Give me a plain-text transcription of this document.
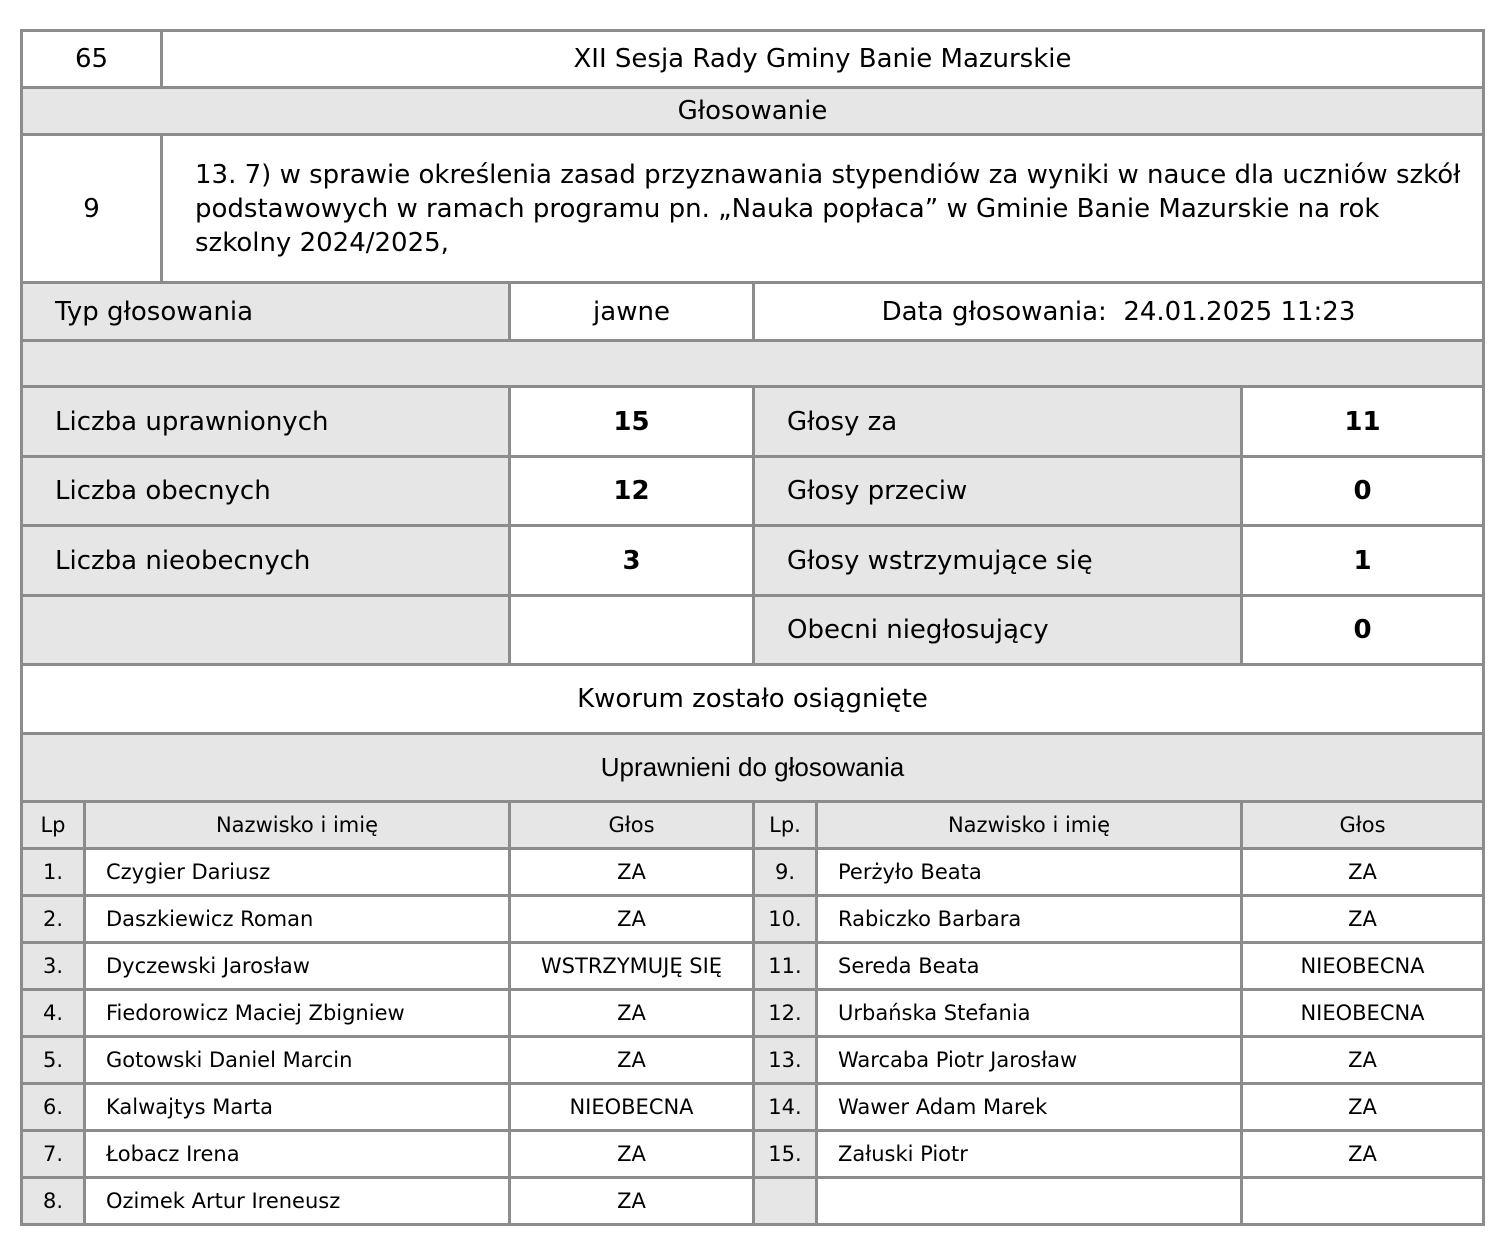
65	XII Sesja Rady Gminy Banie Mazurskie
Głosowanie	
9	13. 7) w sprawie określenia zasad przyznawania stypendiów za wyniki w nauce dla uczniów szkół podstawowych w ramach programu pn. „Nauka popłaca” w Gminie Banie Mazurskie na rok szkolny 2024/2025,
Typ głosowania	jawne	Data głosowania: 24.01.2025 11:23	

Liczba uprawnionych	15	Głosy za	11
Liczba obecnych	12	Głosy przeciw	0
Liczba nieobecnych	3	Głosy wstrzymujące się	1
		Obecni niegłosujący	0
Kworum zostało osiągnięte			
Uprawnieni do głosowania			
Lp	Nazwisko i imię	Głos	Lp.	Nazwisko i imię	Głos
1.	Czygier Dariusz	ZA	9.	Perżyło Beata	ZA
2.	Daszkiewicz Roman	ZA	10.	Rabiczko Barbara	ZA
3.	Dyczewski Jarosław	WSTRZYMUJĘ SIĘ	11.	Sereda Beata	NIEOBECNA
4.	Fiedorowicz Maciej Zbigniew	ZA	12.	Urbańska Stefania	NIEOBECNA
5.	Gotowski Daniel Marcin	ZA	13.	Warcaba Piotr Jarosław	ZA
6.	Kalwajtys Marta	NIEOBECNA	14.	Wawer Adam Marek	ZA
7.	Łobacz Irena	ZA	15.	Załuski Piotr	ZA
8.	Ozimek Artur Ireneusz	ZA			
